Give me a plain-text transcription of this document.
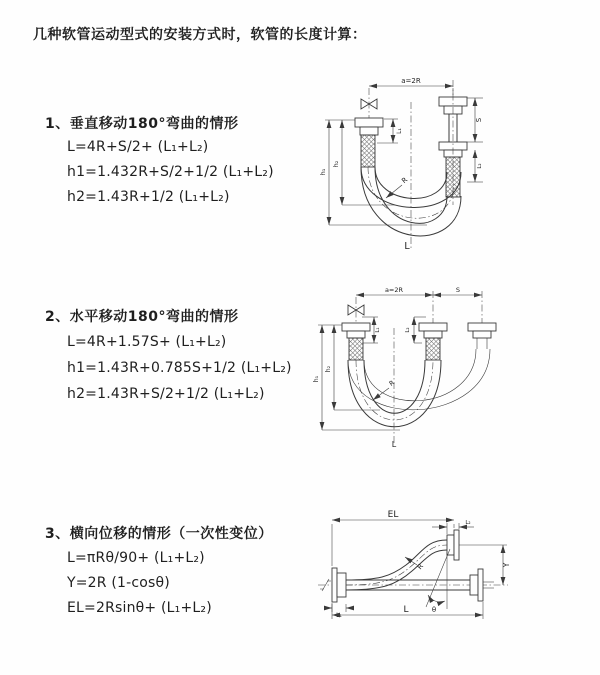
几种软管运动型式的安装方式时，软管的长度计算：
1、垂直移动180°弯曲的情形
L=4R+S/2+ (L₁+L₂)
h1=1.432R+S/2+1/2 (L₁+L₂)
h2=1.43R+1/2 (L₁+L₂)
a=2R
L₁
S
L₂
h₁
h₂
R
L
2、水平移动180°弯曲的情形
L=4R+1.57S+ (L₁+L₂)
h1=1.43R+0.785S+1/2 (L₁+L₂)
h2=1.43R+S/2+1/2 (L₁+L₂)
a=2R	S
L₁	L₂
h₁
h₂
R
L
3、横向位移的情形（一次性变位）
L=πRθ/90+ (L₁+L₂)
Y=2R (1-cosθ)
EL=2Rsinθ+ (L₁+L₂)	L₁
EL
L₂
Y
θ
R
L
